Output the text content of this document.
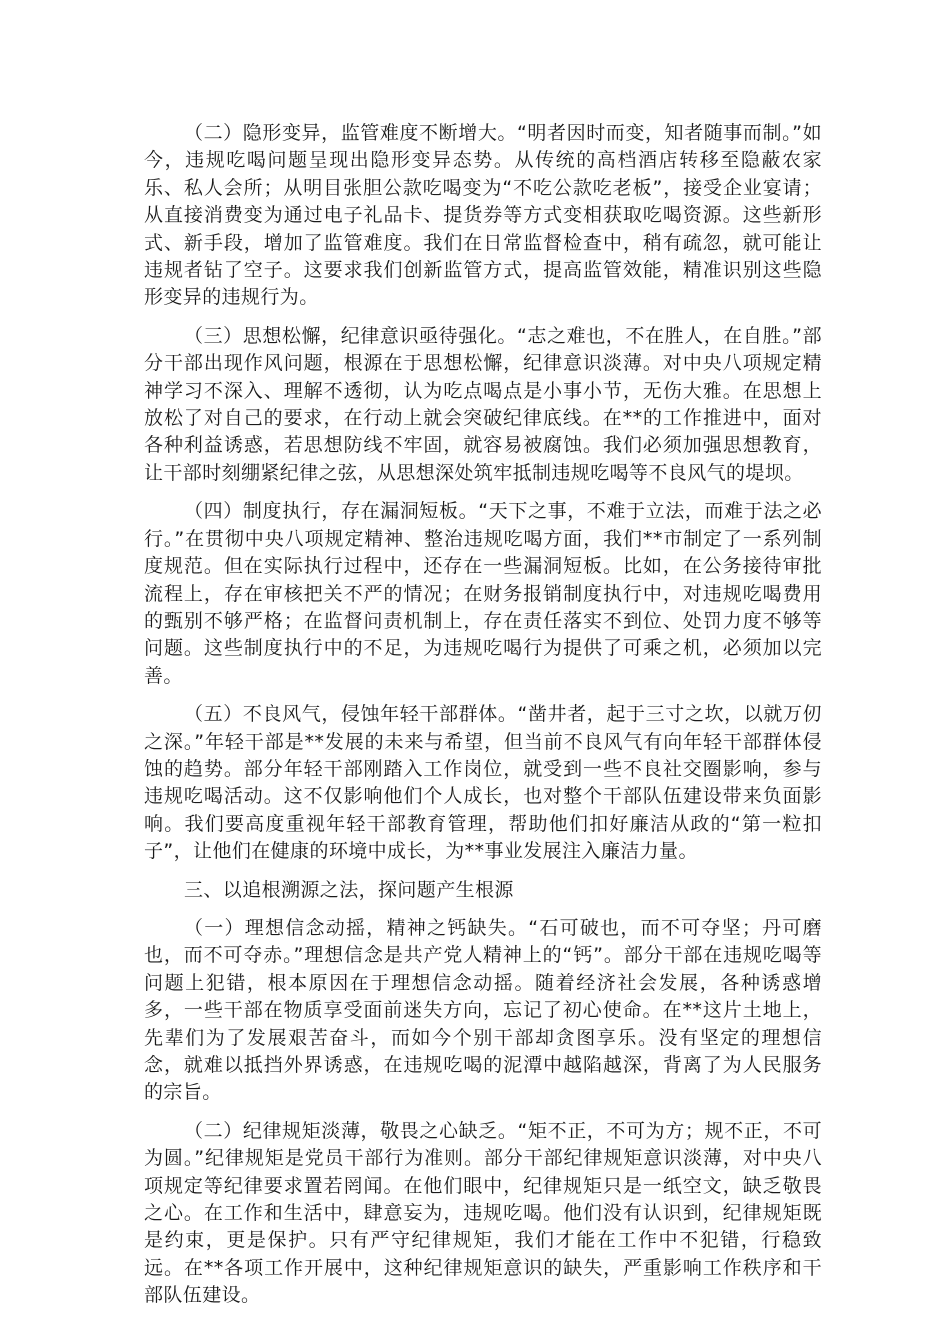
（二）隐形变异，监管难度不断增大。“明者因时而变，知者随事而制。”如今，违规吃喝问题呈现出隐形变异态势。从传统的高档酒店转移至隐蔽农家乐、私人会所；从明目张胆公款吃喝变为“不吃公款吃老板”，接受企业宴请；从直接消费变为通过电子礼品卡、提货券等方式变相获取吃喝资源。这些新形式、新手段，增加了监管难度。我们在日常监督检查中，稍有疏忽，就可能让违规者钻了空子。这要求我们创新监管方式，提高监管效能，精准识别这些隐形变异的违规行为。

（三）思想松懈，纪律意识亟待强化。“志之难也，不在胜人，在自胜。”部分干部出现作风问题，根源在于思想松懈，纪律意识淡薄。对中央八项规定精神学习不深入、理解不透彻，认为吃点喝点是小事小节，无伤大雅。在思想上放松了对自己的要求，在行动上就会突破纪律底线。在**的工作推进中，面对各种利益诱惑，若思想防线不牢固，就容易被腐蚀。我们必须加强思想教育，让干部时刻绷紧纪律之弦，从思想深处筑牢抵制违规吃喝等不良风气的堤坝。

（四）制度执行，存在漏洞短板。“天下之事，不难于立法，而难于法之必行。”在贯彻中央八项规定精神、整治违规吃喝方面，我们**市制定了一系列制度规范。但在实际执行过程中，还存在一些漏洞短板。比如，在公务接待审批流程上，存在审核把关不严的情况；在财务报销制度执行中，对违规吃喝费用的甄别不够严格；在监督问责机制上，存在责任落实不到位、处罚力度不够等问题。这些制度执行中的不足，为违规吃喝行为提供了可乘之机，必须加以完善。

（五）不良风气，侵蚀年轻干部群体。“凿井者，起于三寸之坎，以就万仞之深。”年轻干部是**发展的未来与希望，但当前不良风气有向年轻干部群体侵蚀的趋势。部分年轻干部刚踏入工作岗位，就受到一些不良社交圈影响，参与违规吃喝活动。这不仅影响他们个人成长，也对整个干部队伍建设带来负面影响。我们要高度重视年轻干部教育管理，帮助他们扣好廉洁从政的“第一粒扣子”，让他们在健康的环境中成长，为**事业发展注入廉洁力量。

三、以追根溯源之法，探问题产生根源

（一）理想信念动摇，精神之钙缺失。“石可破也，而不可夺坚；丹可磨也，而不可夺赤。”理想信念是共产党人精神上的“钙”。部分干部在违规吃喝等问题上犯错，根本原因在于理想信念动摇。随着经济社会发展，各种诱惑增多，一些干部在物质享受面前迷失方向，忘记了初心使命。在**这片土地上，先辈们为了发展艰苦奋斗，而如今个别干部却贪图享乐。没有坚定的理想信念，就难以抵挡外界诱惑，在违规吃喝的泥潭中越陷越深，背离了为人民服务的宗旨。

（二）纪律规矩淡薄，敬畏之心缺乏。“矩不正，不可为方；规不正，不可为圆。”纪律规矩是党员干部行为准则。部分干部纪律规矩意识淡薄，对中央八项规定等纪律要求置若罔闻。在他们眼中，纪律规矩只是一纸空文，缺乏敬畏之心。在工作和生活中，肆意妄为，违规吃喝。他们没有认识到，纪律规矩既是约束，更是保护。只有严守纪律规矩，我们才能在工作中不犯错，行稳致远。在**各项工作开展中，这种纪律规矩意识的缺失，严重影响工作秩序和干部队伍建设。
